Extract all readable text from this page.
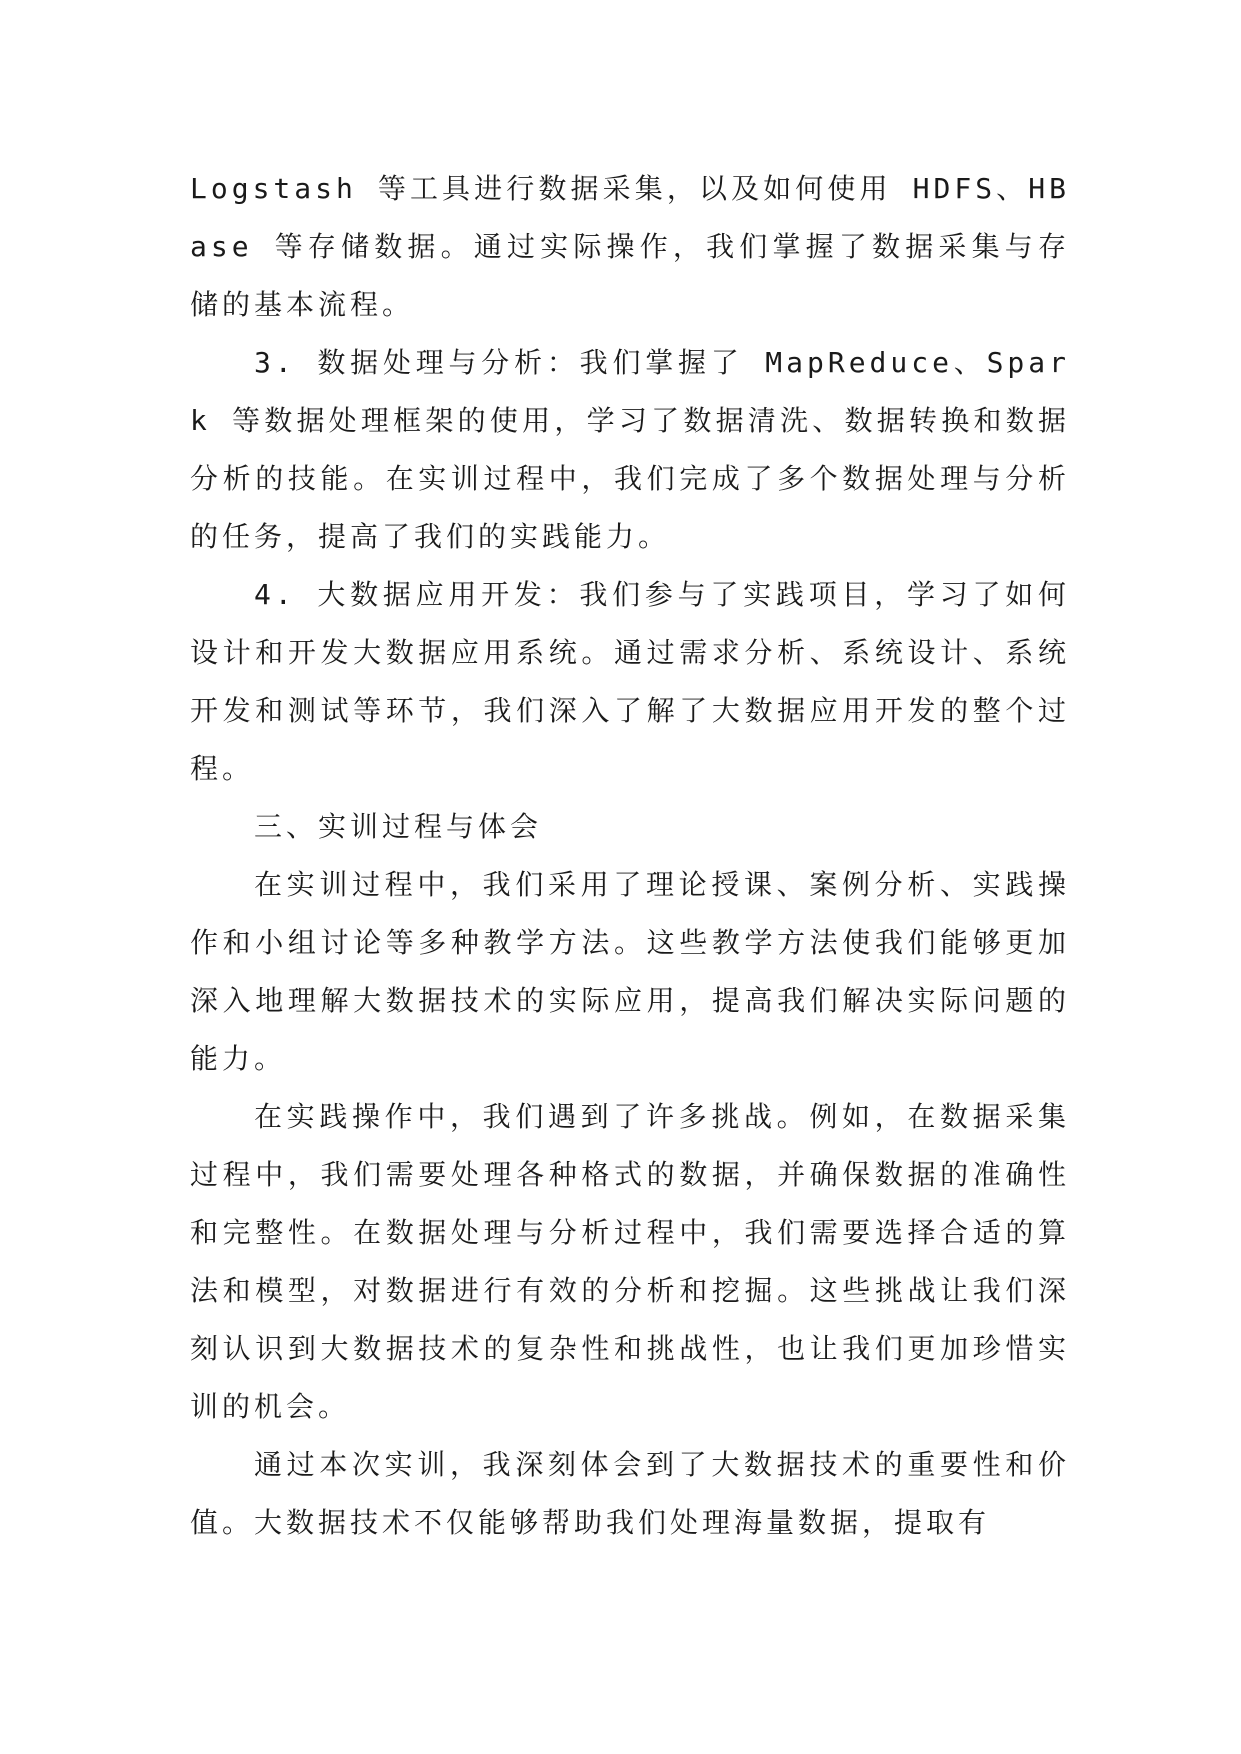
Logstash 等工具进行数据采集，以及如何使用 HDFS、HBase 等存储数据。通过实际操作，我们掌握了数据采集与存储的基本流程。

3. 数据处理与分析：我们掌握了 MapReduce、Spark 等数据处理框架的使用，学习了数据清洗、数据转换和数据分析的技能。在实训过程中，我们完成了多个数据处理与分析的任务，提高了我们的实践能力。

4. 大数据应用开发：我们参与了实践项目，学习了如何设计和开发大数据应用系统。通过需求分析、系统设计、系统开发和测试等环节，我们深入了解了大数据应用开发的整个过程。

三、实训过程与体会

在实训过程中，我们采用了理论授课、案例分析、实践操作和小组讨论等多种教学方法。这些教学方法使我们能够更加深入地理解大数据技术的实际应用，提高我们解决实际问题的能力。

在实践操作中，我们遇到了许多挑战。例如，在数据采集过程中，我们需要处理各种格式的数据，并确保数据的准确性和完整性。在数据处理与分析过程中，我们需要选择合适的算法和模型，对数据进行有效的分析和挖掘。这些挑战让我们深刻认识到大数据技术的复杂性和挑战性，也让我们更加珍惜实训的机会。

通过本次实训，我深刻体会到了大数据技术的重要性和价值。大数据技术不仅能够帮助我们处理海量数据，提取有
